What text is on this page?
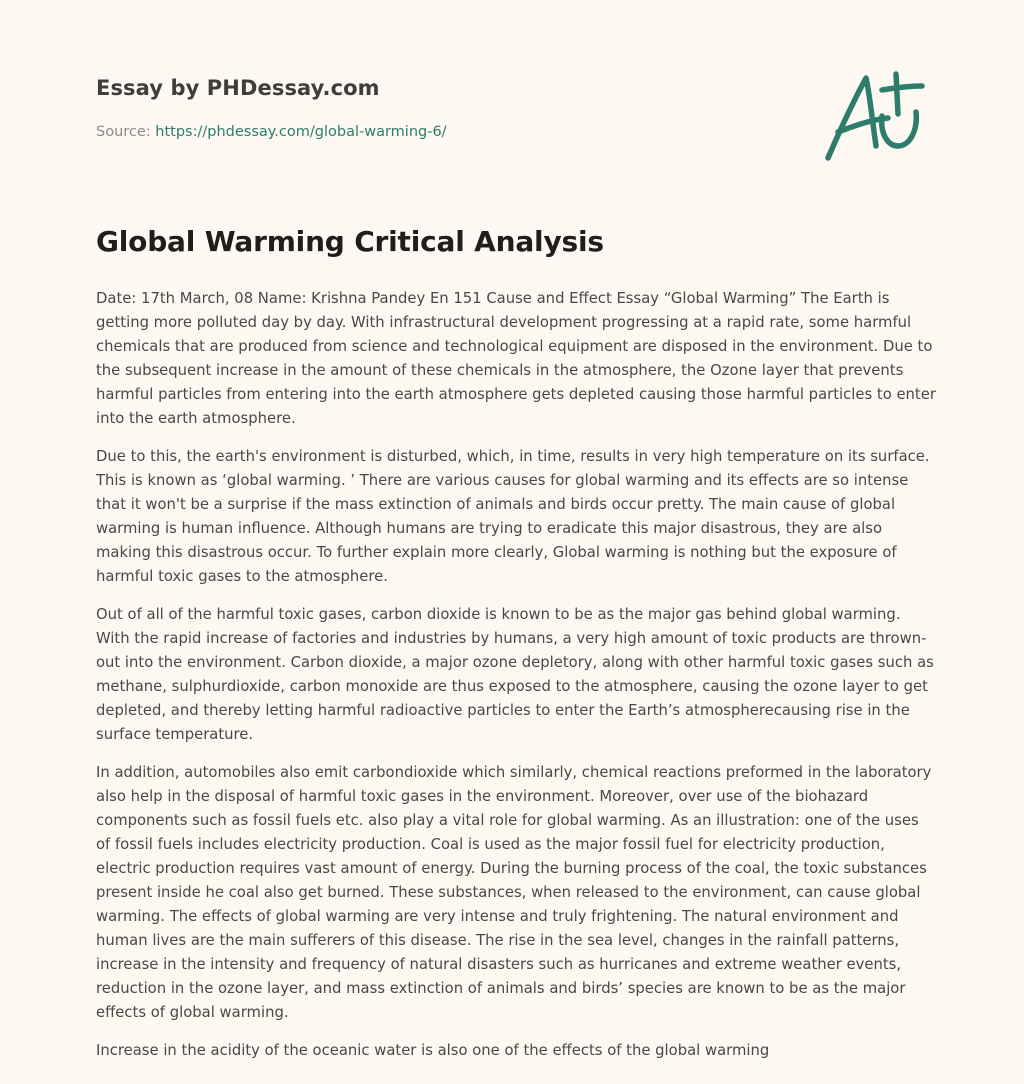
Essay by PHDessay.com
Source: https://phdessay.com/global-warming-6/
Global Warming Critical Analysis

Date: 17th March, 08 Name: Krishna Pandey En 151 Cause and Effect Essay “Global Warming” The Earth is getting more polluted day by day. With infrastructural development progressing at a rapid rate, some harmful chemicals that are produced from science and technological equipment are disposed in the environment. Due to the subsequent increase in the amount of these chemicals in the atmosphere, the Ozone layer that prevents harmful particles from entering into the earth atmosphere gets depleted causing those harmful particles to enter into the earth atmosphere.

Due to this, the earth's environment is disturbed, which, in time, results in very high temperature on its surface. This is known as ‘global warming. ’ There are various causes for global warming and its effects are so intense that it won't be a surprise if the mass extinction of animals and birds occur pretty. The main cause of global warming is human influence. Although humans are trying to eradicate this major disastrous, they are also making this disastrous occur. To further explain more clearly, Global warming is nothing but the exposure of harmful toxic gases to the atmosphere.

Out of all of the harmful toxic gases, carbon dioxide is known to be as the major gas behind global warming. With the rapid increase of factories and industries by humans, a very high amount of toxic products are thrown-out into the environment. Carbon dioxide, a major ozone depletory, along with other harmful toxic gases such as methane, sulphurdioxide, carbon monoxide are thus exposed to the atmosphere, causing the ozone layer to get depleted, and thereby letting harmful radioactive particles to enter the Earth’s atmospherecausing rise in the surface temperature.

In addition, automobiles also emit carbondioxide which similarly, chemical reactions preformed in the laboratory also help in the disposal of harmful toxic gases in the environment. Moreover, over use of the biohazard components such as fossil fuels etc. also play a vital role for global warming. As an illustration: one of the uses of fossil fuels includes electricity production. Coal is used as the major fossil fuel for electricity production, electric production requires vast amount of energy. During the burning process of the coal, the toxic substances present inside he coal also get burned. These substances, when released to the environment, can cause global warming. The effects of global warming are very intense and truly frightening. The natural environment and human lives are the main sufferers of this disease. The rise in the sea level, changes in the rainfall patterns, increase in the intensity and frequency of natural disasters such as hurricanes and extreme weather events, reduction in the ozone layer, and mass extinction of animals and birds’ species are known to be as the major effects of global warming.

Increase in the acidity of the oceanic water is also one of the effects of the global warming
